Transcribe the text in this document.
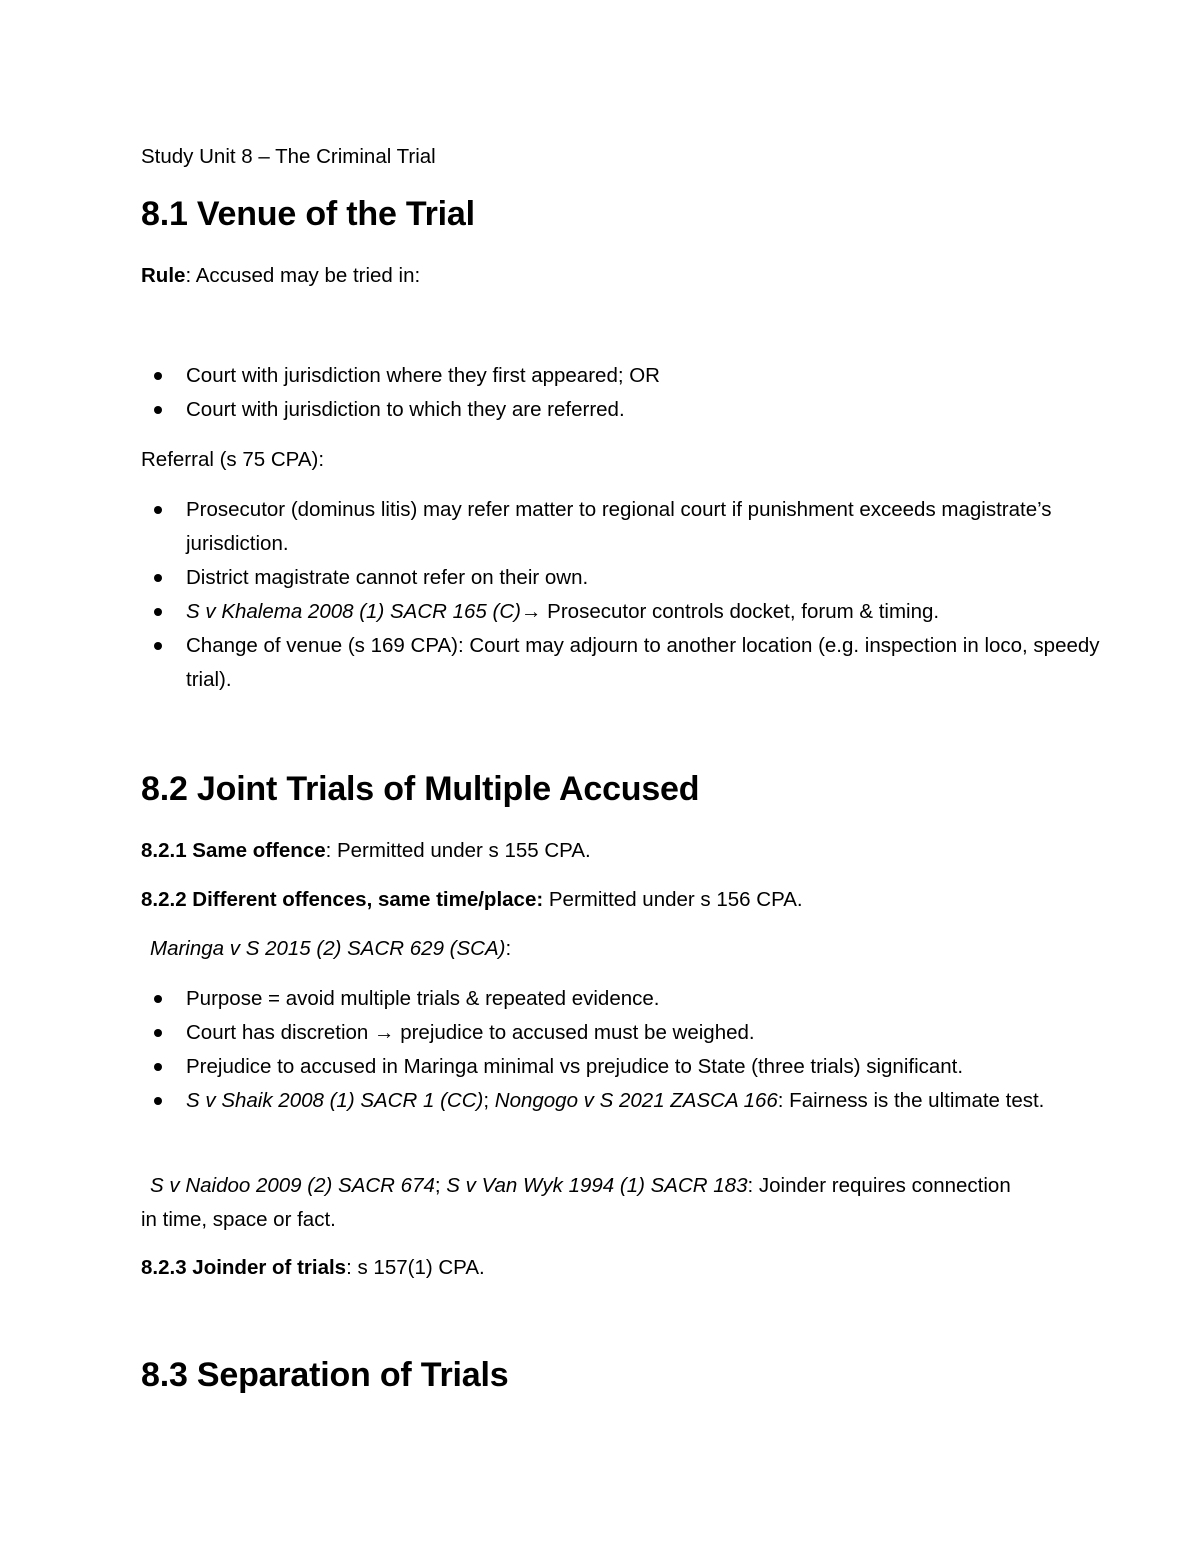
Study Unit 8 – The Criminal Trial
8.1 Venue of the Trial
Rule: Accused may be tried in:
Court with jurisdiction where they first appeared; OR
Court with jurisdiction to which they are referred.
Referral (s 75 CPA):
Prosecutor (dominus litis) may refer matter to regional court if punishment exceeds magistrate’s jurisdiction.
District magistrate cannot refer on their own.
S v Khalema 2008 (1) SACR 165 (C)→ Prosecutor controls docket, forum & timing.
Change of venue (s 169 CPA): Court may adjourn to another location (e.g. inspection in loco, speedy trial).
8.2 Joint Trials of Multiple Accused
8.2.1 Same offence: Permitted under s 155 CPA.
8.2.2 Different offences, same time/place: Permitted under s 156 CPA.
Maringa v S 2015 (2) SACR 629 (SCA):
Purpose = avoid multiple trials & repeated evidence.
Court has discretion → prejudice to accused must be weighed.
Prejudice to accused in Maringa minimal vs prejudice to State (three trials) significant.
S v Shaik 2008 (1) SACR 1 (CC); Nongogo v S 2021 ZASCA 166: Fairness is the ultimate test.
S v Naidoo 2009 (2) SACR 674; S v Van Wyk 1994 (1) SACR 183: Joinder requires connection in time, space or fact.
8.2.3 Joinder of trials: s 157(1) CPA.
8.3 Separation of Trials
